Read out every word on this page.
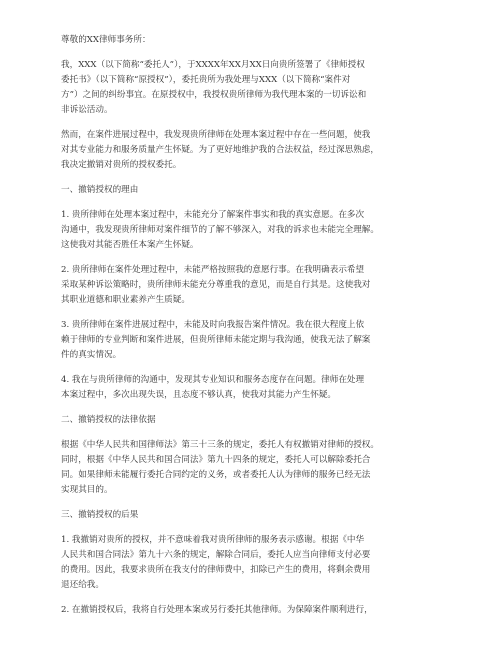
尊敬的XX律师事务所：

我，XXX（以下简称“委托人”），于XXXX年XX月XX日向贵所签署了《律师授权

委托书》（以下简称“原授权”），委托贵所为我处理与XXX（以下简称“案件对

方”）之间的纠纷事宜。在原授权中，我授权贵所律师为我代理本案的一切诉讼和

非诉讼活动。

然而，在案件进展过程中，我发现贵所律师在处理本案过程中存在一些问题，使我

对其专业能力和服务质量产生怀疑。为了更好地维护我的合法权益，经过深思熟虑，

我决定撤销对贵所的授权委托。

一、撤销授权的理由

1. 贵所律师在处理本案过程中，未能充分了解案件事实和我的真实意愿。在多次

沟通中，我发现贵所律师对案件细节的了解不够深入，对我的诉求也未能完全理解。

这使我对其能否胜任本案产生怀疑。

2. 贵所律师在案件处理过程中，未能严格按照我的意愿行事。在我明确表示希望

采取某种诉讼策略时，贵所律师未能充分尊重我的意见，而是自行其是。这使我对

其职业道德和职业素养产生质疑。

3. 贵所律师在案件进展过程中，未能及时向我报告案件情况。我在很大程度上依

赖于律师的专业判断和案件进展，但贵所律师未能定期与我沟通，使我无法了解案

件的真实情况。

4. 我在与贵所律师的沟通中，发现其专业知识和服务态度存在问题。律师在处理

本案过程中，多次出现失误，且态度不够认真，使我对其能力产生怀疑。

二、撤销授权的法律依据

根据《中华人民共和国律师法》第三十三条的规定，委托人有权撤销对律师的授权。

同时，根据《中华人民共和国合同法》第九十四条的规定，委托人可以解除委托合

同。如果律师未能履行委托合同约定的义务，或者委托人认为律师的服务已经无法

实现其目的。

三、撤销授权的后果

1. 我撤销对贵所的授权，并不意味着我对贵所律师的服务表示感谢。根据《中华

人民共和国合同法》第九十六条的规定，解除合同后，委托人应当向律师支付必要

的费用。因此，我要求贵所在我支付的律师费中，扣除已产生的费用，将剩余费用

退还给我。

2. 在撤销授权后，我将自行处理本案或另行委托其他律师。为保障案件顺利进行，
